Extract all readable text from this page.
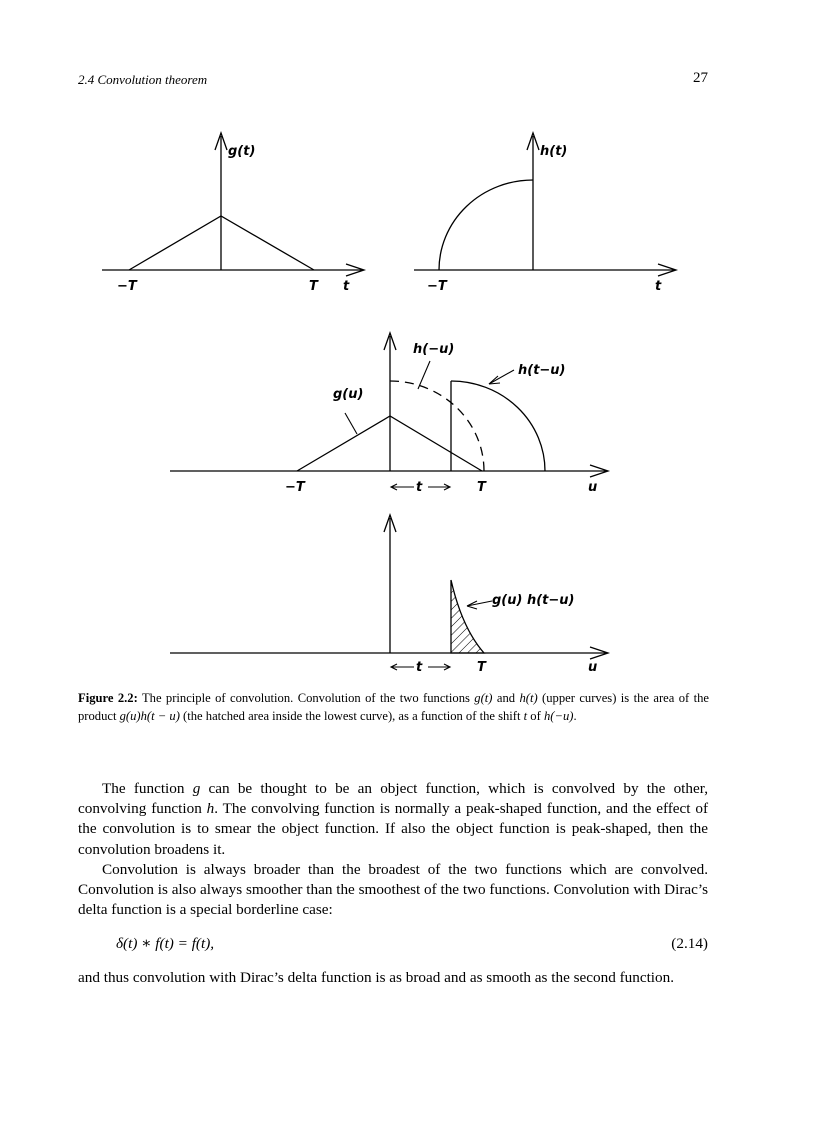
2.4 Convolution theorem	27
g(t)
−T	T t
h(t)
−T	t
h(−u)
h(t−u)
g(u)
−T	t	T	u
g(u) h(t−u)
t	T	u
Figure 2.2: The principle of convolution. Convolution of the two functions g(t) and h(t) (upper curves) is the area of the product g(u)h(t − u) (the hatched area inside the lowest curve), as a function of the shift t of h(−u).

The function g can be thought to be an object function, which is convolved by the other, convolving function h. The convolving function is normally a peak-shaped function, and the effect of the convolution is to smear the object function. If also the object function is peak-shaped, then the convolution broadens it.

Convolution is always broader than the broadest of the two functions which are convolved. Convolution is also always smoother than the smoothest of the two functions. Convolution with Dirac’s delta function is a special borderline case:

δ(t) ∗ f(t) = f(t),	(2.14)

and thus convolution with Dirac’s delta function is as broad and as smooth as the second function.
